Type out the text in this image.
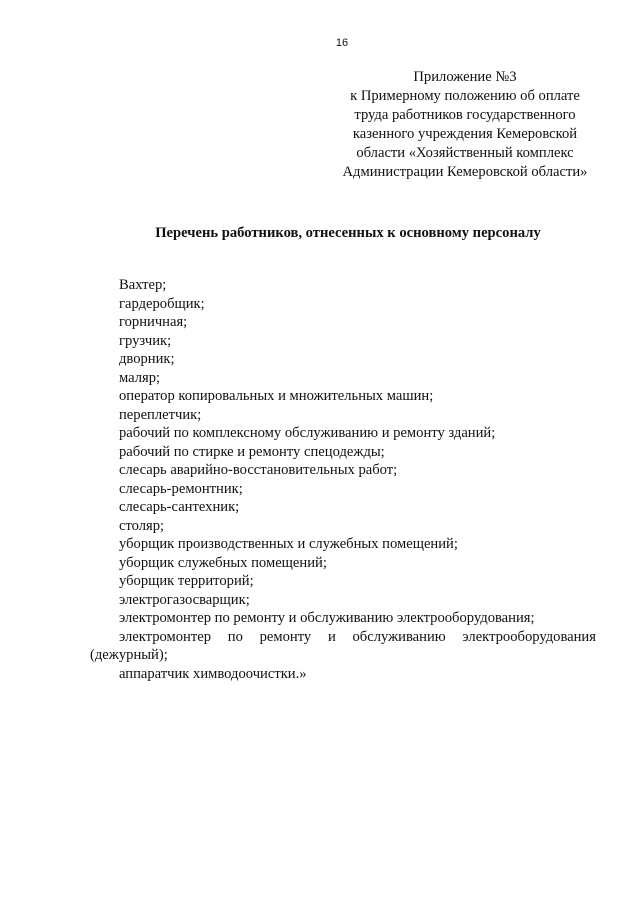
16
Приложение №3
к Примерному положению об оплате
труда работников государственного
казенного учреждения Кемеровской
области «Хозяйственный комплекс
Администрации Кемеровской области»
Перечень работников, отнесенных к основному персоналу
Вахтер;
гардеробщик;
горничная;
грузчик;
дворник;
маляр;
оператор копировальных и множительных машин;
переплетчик;
рабочий по комплексному обслуживанию и ремонту зданий;
рабочий по стирке и ремонту спецодежды;
слесарь аварийно-восстановительных работ;
слесарь-ремонтник;
слесарь-сантехник;
столяр;
уборщик производственных и служебных помещений;
уборщик служебных помещений;
уборщик территорий;
электрогазосварщик;
электромонтер по ремонту и обслуживанию электрооборудования;
электромонтер по ремонту и обслуживанию электрооборудования
(дежурный);
аппаратчик химводоочистки.»
